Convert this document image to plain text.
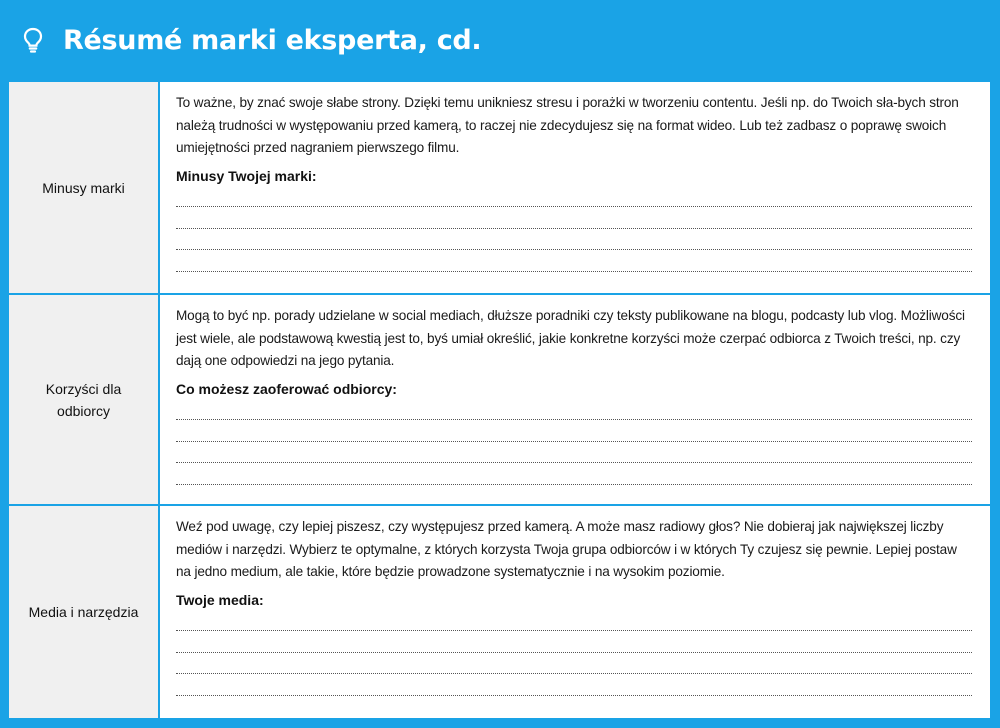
Résumé marki eksperta, cd.
Minusy marki
To ważne, by znać swoje słabe strony. Dzięki temu unikniesz stresu i porażki w tworzeniu contentu. Jeśli np. do Twoich sła-bych stron należą trudności w występowaniu przed kamerą, to raczej nie zdecydujesz się na format wideo. Lub też zadbasz o poprawę swoich umiejętności przed nagraniem pierwszego filmu.
Minusy Twojej marki:
Korzyści dla odbiorcy
Mogą to być np. porady udzielane w social mediach, dłuższe poradniki czy teksty publikowane na blogu, podcasty lub vlog. Możliwości jest wiele, ale podstawową kwestią jest to, byś umiał określić, jakie konkretne korzyści może czerpać odbiorca z Twoich treści, np. czy dają one odpowiedzi na jego pytania.
Co możesz zaoferować odbiorcy:
Media i narzędzia
Weź pod uwagę, czy lepiej piszesz, czy występujesz przed kamerą. A może masz radiowy głos? Nie dobieraj jak największej liczby mediów i narzędzi. Wybierz te optymalne, z których korzysta Twoja grupa odbiorców i w których Ty czujesz się pewnie. Lepiej postaw na jedno medium, ale takie, które będzie prowadzone systematycznie i na wysokim poziomie.
Twoje media:
